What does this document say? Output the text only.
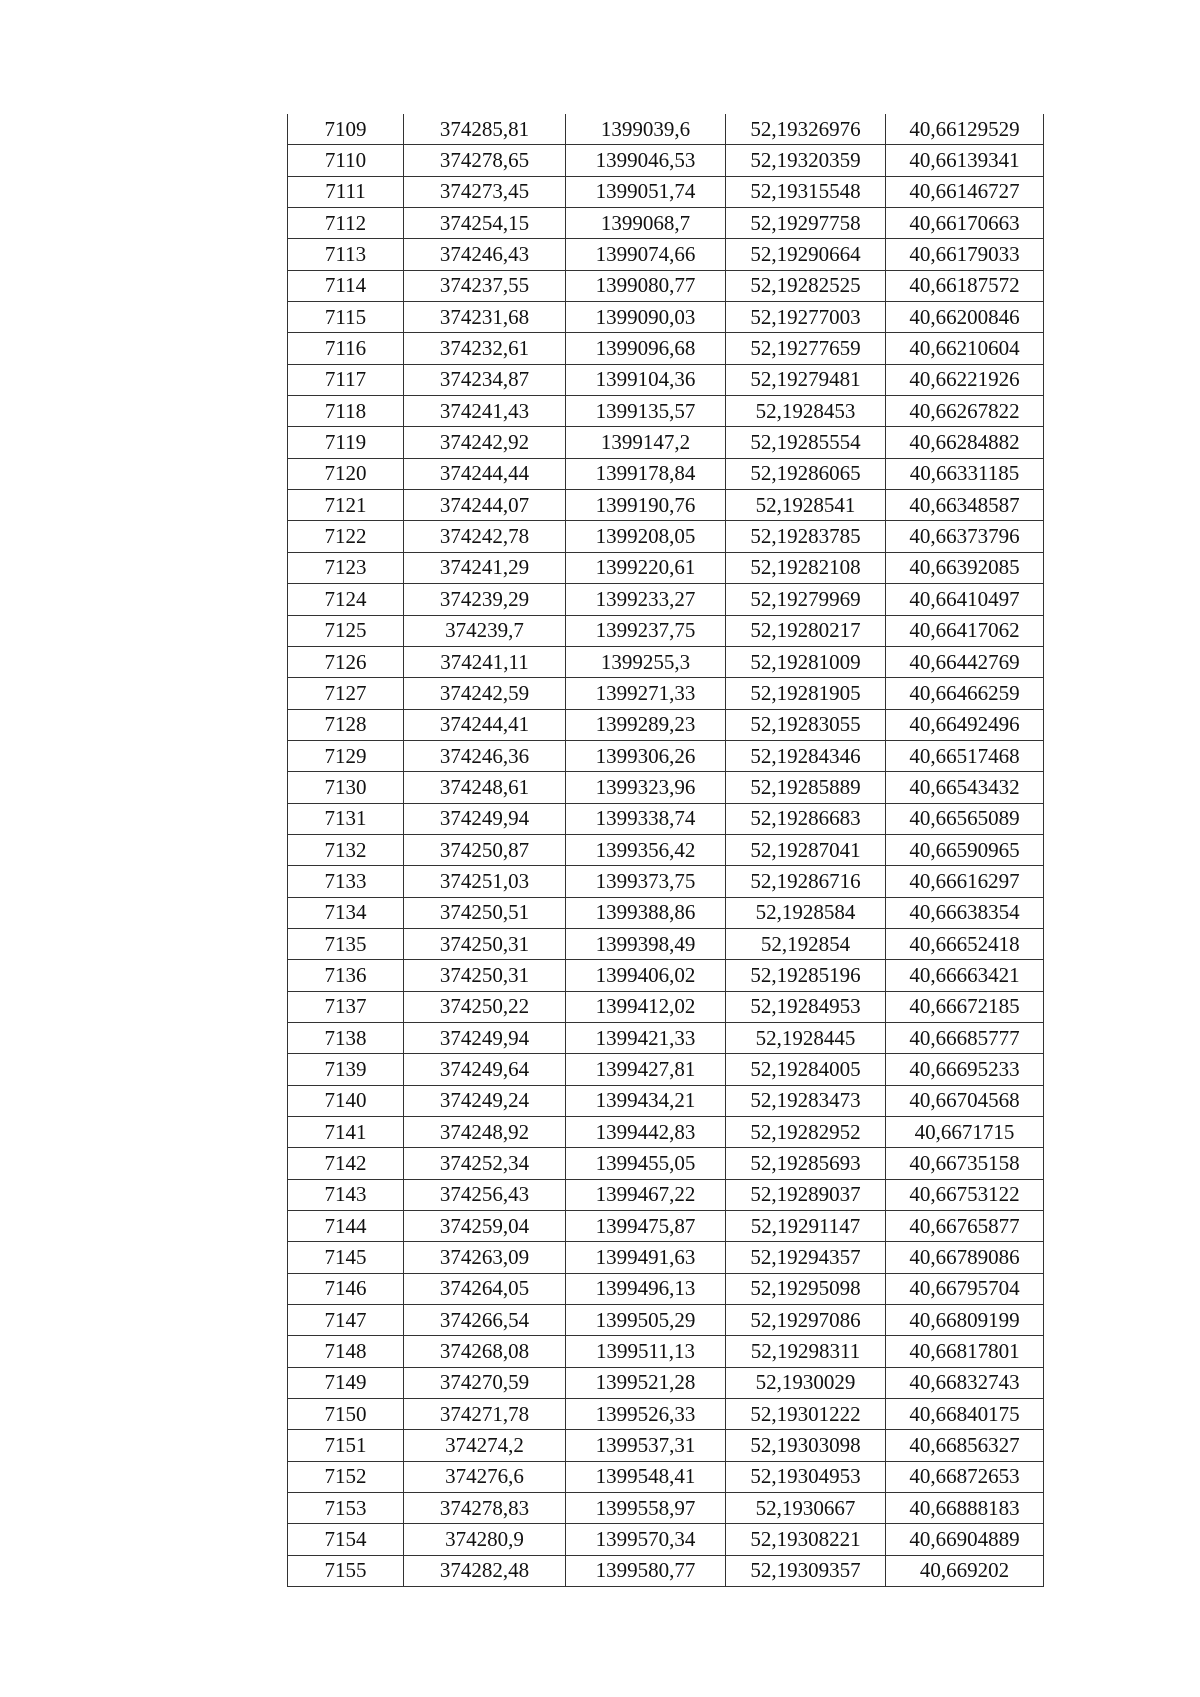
7109	374285,81	1399039,6	52,19326976	40,66129529
7110	374278,65	1399046,53	52,19320359	40,66139341
7111	374273,45	1399051,74	52,19315548	40,66146727
7112	374254,15	1399068,7	52,19297758	40,66170663
7113	374246,43	1399074,66	52,19290664	40,66179033
7114	374237,55	1399080,77	52,19282525	40,66187572
7115	374231,68	1399090,03	52,19277003	40,66200846
7116	374232,61	1399096,68	52,19277659	40,66210604
7117	374234,87	1399104,36	52,19279481	40,66221926
7118	374241,43	1399135,57	52,1928453	40,66267822
7119	374242,92	1399147,2	52,19285554	40,66284882
7120	374244,44	1399178,84	52,19286065	40,66331185
7121	374244,07	1399190,76	52,1928541	40,66348587
7122	374242,78	1399208,05	52,19283785	40,66373796
7123	374241,29	1399220,61	52,19282108	40,66392085
7124	374239,29	1399233,27	52,19279969	40,66410497
7125	374239,7	1399237,75	52,19280217	40,66417062
7126	374241,11	1399255,3	52,19281009	40,66442769
7127	374242,59	1399271,33	52,19281905	40,66466259
7128	374244,41	1399289,23	52,19283055	40,66492496
7129	374246,36	1399306,26	52,19284346	40,66517468
7130	374248,61	1399323,96	52,19285889	40,66543432
7131	374249,94	1399338,74	52,19286683	40,66565089
7132	374250,87	1399356,42	52,19287041	40,66590965
7133	374251,03	1399373,75	52,19286716	40,66616297
7134	374250,51	1399388,86	52,1928584	40,66638354
7135	374250,31	1399398,49	52,192854	40,66652418
7136	374250,31	1399406,02	52,19285196	40,66663421
7137	374250,22	1399412,02	52,19284953	40,66672185
7138	374249,94	1399421,33	52,1928445	40,66685777
7139	374249,64	1399427,81	52,19284005	40,66695233
7140	374249,24	1399434,21	52,19283473	40,66704568
7141	374248,92	1399442,83	52,19282952	40,6671715
7142	374252,34	1399455,05	52,19285693	40,66735158
7143	374256,43	1399467,22	52,19289037	40,66753122
7144	374259,04	1399475,87	52,19291147	40,66765877
7145	374263,09	1399491,63	52,19294357	40,66789086
7146	374264,05	1399496,13	52,19295098	40,66795704
7147	374266,54	1399505,29	52,19297086	40,66809199
7148	374268,08	1399511,13	52,19298311	40,66817801
7149	374270,59	1399521,28	52,1930029	40,66832743
7150	374271,78	1399526,33	52,19301222	40,66840175
7151	374274,2	1399537,31	52,19303098	40,66856327
7152	374276,6	1399548,41	52,19304953	40,66872653
7153	374278,83	1399558,97	52,1930667	40,66888183
7154	374280,9	1399570,34	52,19308221	40,66904889
7155	374282,48	1399580,77	52,19309357	40,669202
